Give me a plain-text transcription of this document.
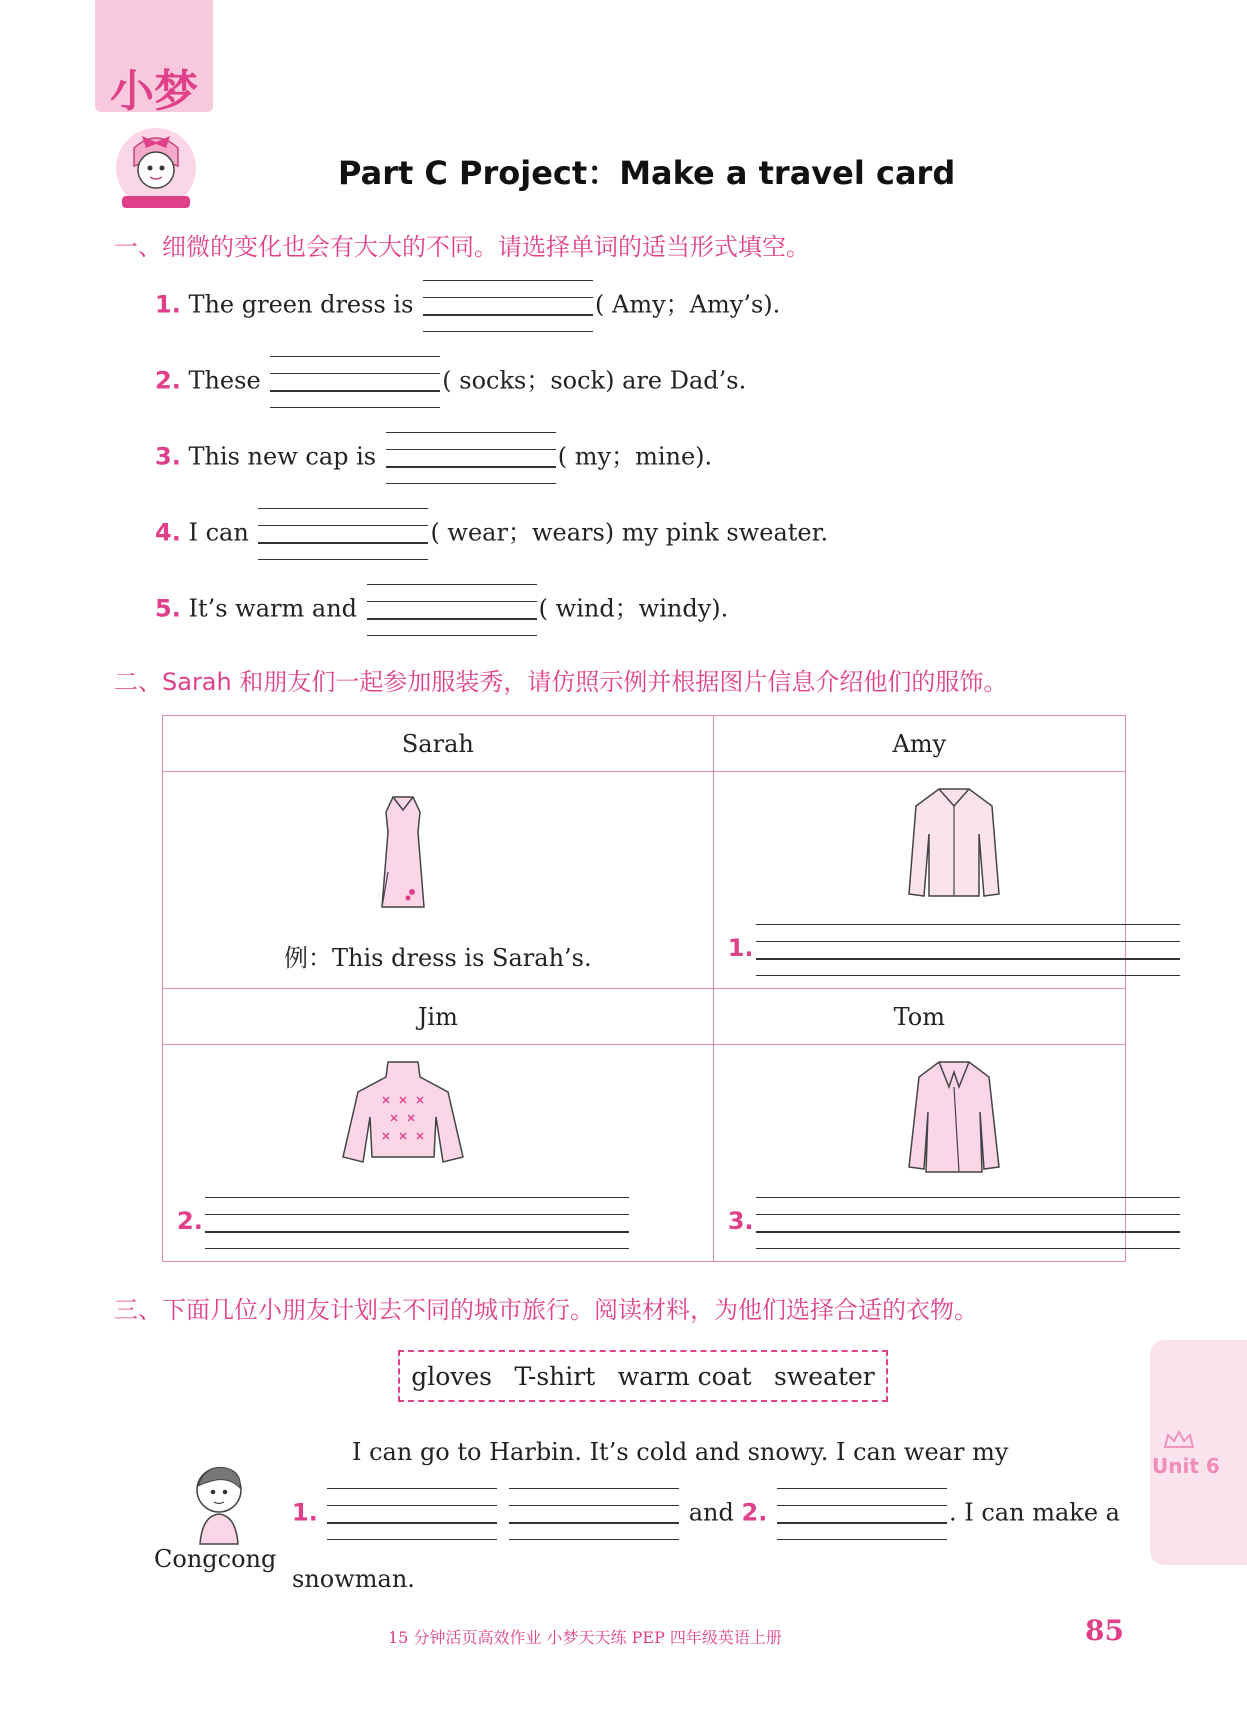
小梦
Part C Project：Make a travel card
一、细微的变化也会有大大的不同。请选择单词的适当形式填空。
1. The green dress is	( Amy；Amy’s).
2. These	( socks；sock) are Dad’s.
3. This new cap is	( my；mine).
4. I can	( wear；wears) my pink sweater.
5. It’s warm and	( wind；windy).
二、Sarah 和朋友们一起参加服装秀，请仿照示例并根据图片信息介绍他们的服饰。
Sarah	Amy

例：This dress is Sarah’s.	1.

Jim	Tom

2.	3.
三、下面几位小朋友计划去不同的城市旅行。阅读材料，为他们选择合适的衣物。
gloves T-shirt warm coat sweater
Congcong
I can go to Harbin. It’s cold and snowy. I can wear my
1.	and 2.	. I can make a
snowman.
Unit 6
15 分钟活页高效作业 小梦天天练 PEP 四年级英语上册	85
